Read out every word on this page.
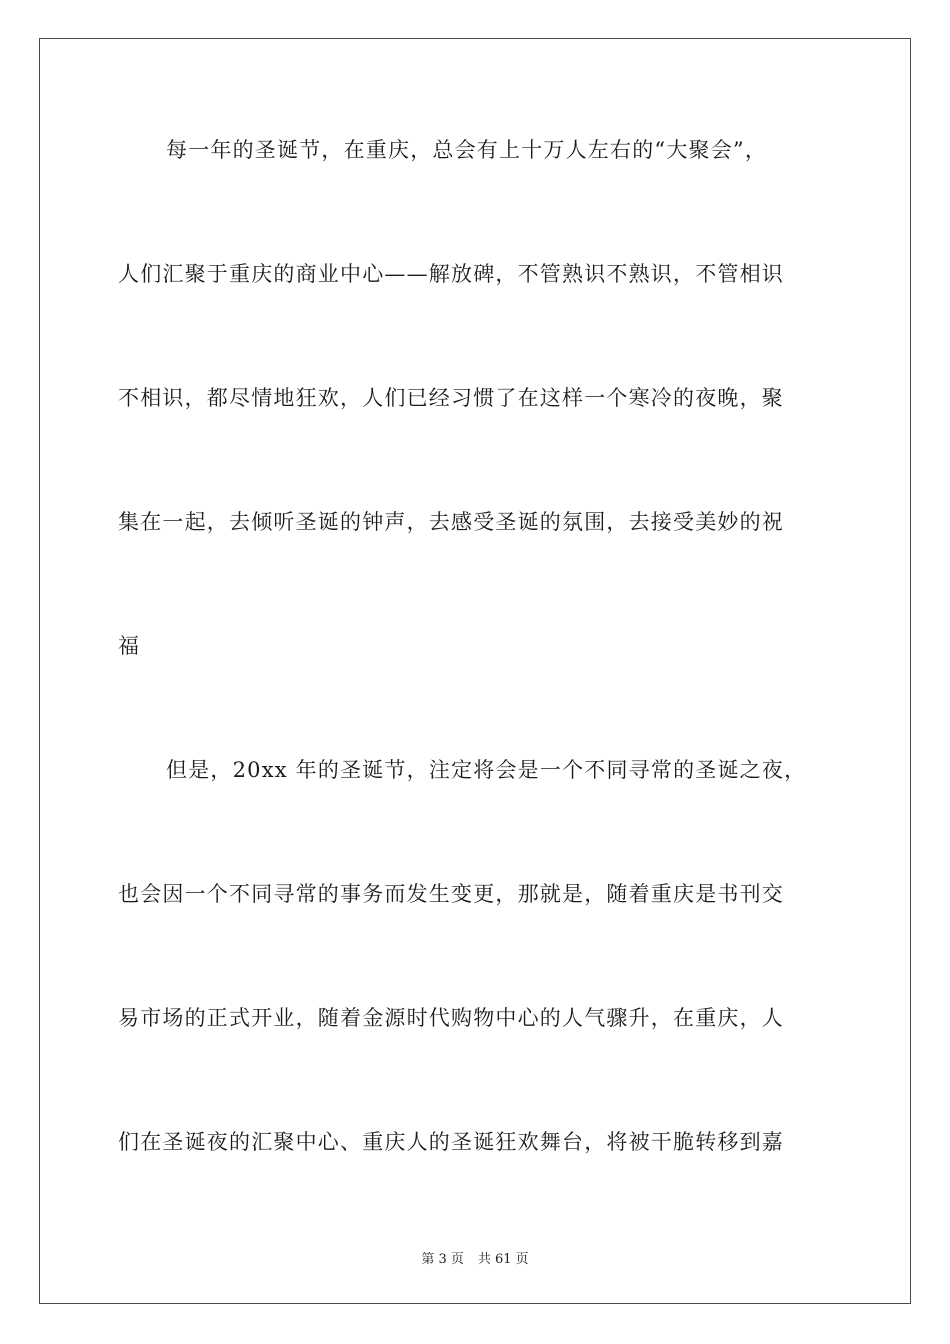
每一年的圣诞节，在重庆，总会有上十万人左右的“大聚会”，
人们汇聚于重庆的商业中心——解放碑，不管熟识不熟识，不管相识
不相识，都尽情地狂欢，人们已经习惯了在这样一个寒冷的夜晚，聚
集在一起，去倾听圣诞的钟声，去感受圣诞的氛围，去接受美妙的祝
福
但是，20xx 年的圣诞节，注定将会是一个不同寻常的圣诞之夜，
也会因一个不同寻常的事务而发生变更，那就是，随着重庆是书刊交
易市场的正式开业，随着金源时代购物中心的人气骤升，在重庆，人
们在圣诞夜的汇聚中心、重庆人的圣诞狂欢舞台，将被干脆转移到嘉
第 3 页 共 61 页
